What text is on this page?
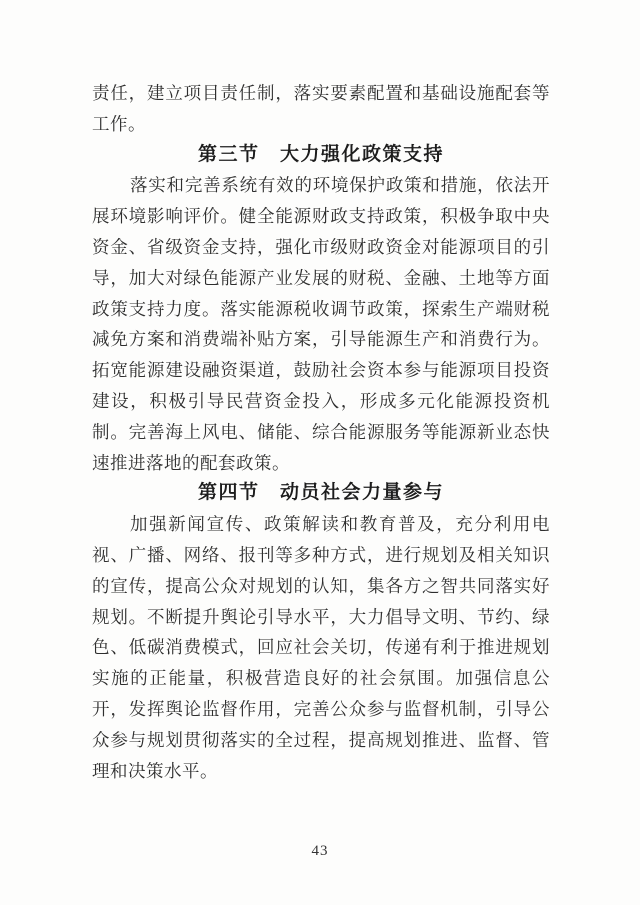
责任，建立项目责任制，落实要素配置和基础设施配套等
工作。
第三节　大力强化政策支持
落实和完善系统有效的环境保护政策和措施，依法开
展环境影响评价。健全能源财政支持政策，积极争取中央
资金、省级资金支持，强化市级财政资金对能源项目的引
导，加大对绿色能源产业发展的财税、金融、土地等方面
政策支持力度。落实能源税收调节政策，探索生产端财税
减免方案和消费端补贴方案，引导能源生产和消费行为。
拓宽能源建设融资渠道，鼓励社会资本参与能源项目投资
建设，积极引导民营资金投入，形成多元化能源投资机
制。完善海上风电、储能、综合能源服务等能源新业态快
速推进落地的配套政策。
第四节　动员社会力量参与
加强新闻宣传、政策解读和教育普及，充分利用电
视、广播、网络、报刊等多种方式，进行规划及相关知识
的宣传，提高公众对规划的认知，集各方之智共同落实好
规划。不断提升舆论引导水平，大力倡导文明、节约、绿
色、低碳消费模式，回应社会关切，传递有利于推进规划
实施的正能量，积极营造良好的社会氛围。加强信息公
开，发挥舆论监督作用，完善公众参与监督机制，引导公
众参与规划贯彻落实的全过程，提高规划推进、监督、管
理和决策水平。
43
